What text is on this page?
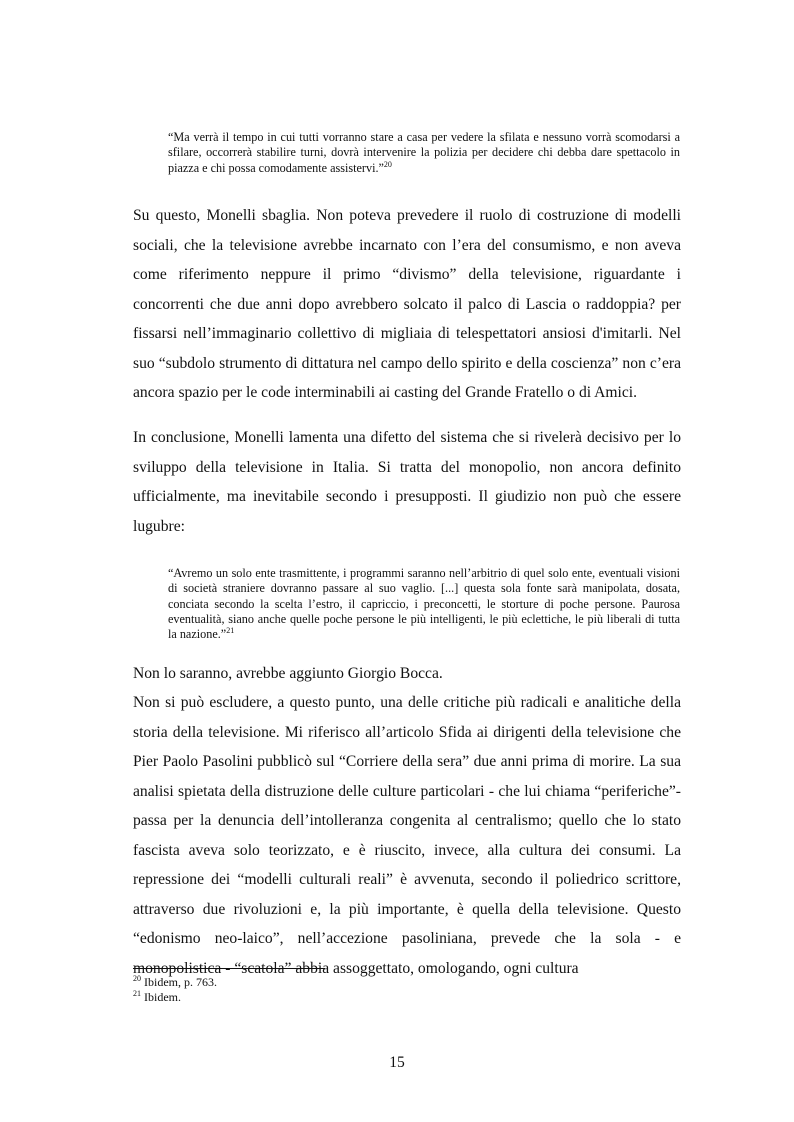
“Ma verrà il tempo in cui tutti vorranno stare a casa per vedere la sfilata e nessuno vorrà scomodarsi a sfilare, occorrerà stabilire turni, dovrà intervenire la polizia per decidere chi debba dare spettacolo in piazza e chi possa comodamente assistervi.”$^{20}$
Su questo, Monelli sbaglia. Non poteva prevedere il ruolo di costruzione di modelli sociali, che la televisione avrebbe incarnato con l’era del consumismo, e non aveva come riferimento neppure il primo “divismo” della televisione, riguardante i concorrenti che due anni dopo avrebbero solcato il palco di Lascia o raddoppia? per fissarsi nell’immaginario collettivo di migliaia di telespettatori ansiosi d'imitarli. Nel suo “subdolo strumento di dittatura nel campo dello spirito e della coscienza” non c’era ancora spazio per le code interminabili ai casting del Grande Fratello o di Amici.
In conclusione, Monelli lamenta una difetto del sistema che si rivelerà decisivo per lo sviluppo della televisione in Italia. Si tratta del monopolio, non ancora definito ufficialmente, ma inevitabile secondo i presupposti. Il giudizio non può che essere lugubre:
“Avremo un solo ente trasmittente, i programmi saranno nell’arbitrio di quel solo ente, eventuali visioni di società straniere dovranno passare al suo vaglio. [...] questa sola fonte sarà manipolata, dosata, conciata secondo la scelta l’estro, il capriccio, i preconcetti, le storture di poche persone. Paurosa eventualità, siano anche quelle poche persone le più intelligenti, le più eclettiche, le più liberali di tutta la nazione.”$^{21}$
Non lo saranno, avrebbe aggiunto Giorgio Bocca.
Non si può escludere, a questo punto, una delle critiche più radicali e analitiche della storia della televisione. Mi riferisco all’articolo Sfida ai dirigenti della televisione che Pier Paolo Pasolini pubblicò sul “Corriere della sera” due anni prima di morire. La sua analisi spietata della distruzione delle culture particolari - che lui chiama “periferiche”- passa per la denuncia dell’intolleranza congenita al centralismo; quello che lo stato fascista aveva solo teorizzato, e è riuscito, invece, alla cultura dei consumi. La repressione dei “modelli culturali reali” è avvenuta, secondo il poliedrico scrittore, attraverso due rivoluzioni e, la più importante, è quella della televisione. Questo “edonismo neo-laico”, nell’accezione pasoliniana, prevede che la sola - e monopolistica - “scatola” abbia assoggettato, omologando, ogni cultura
$^{20}$ Ibidem, p. 763.
$^{21}$ Ibidem.
15
